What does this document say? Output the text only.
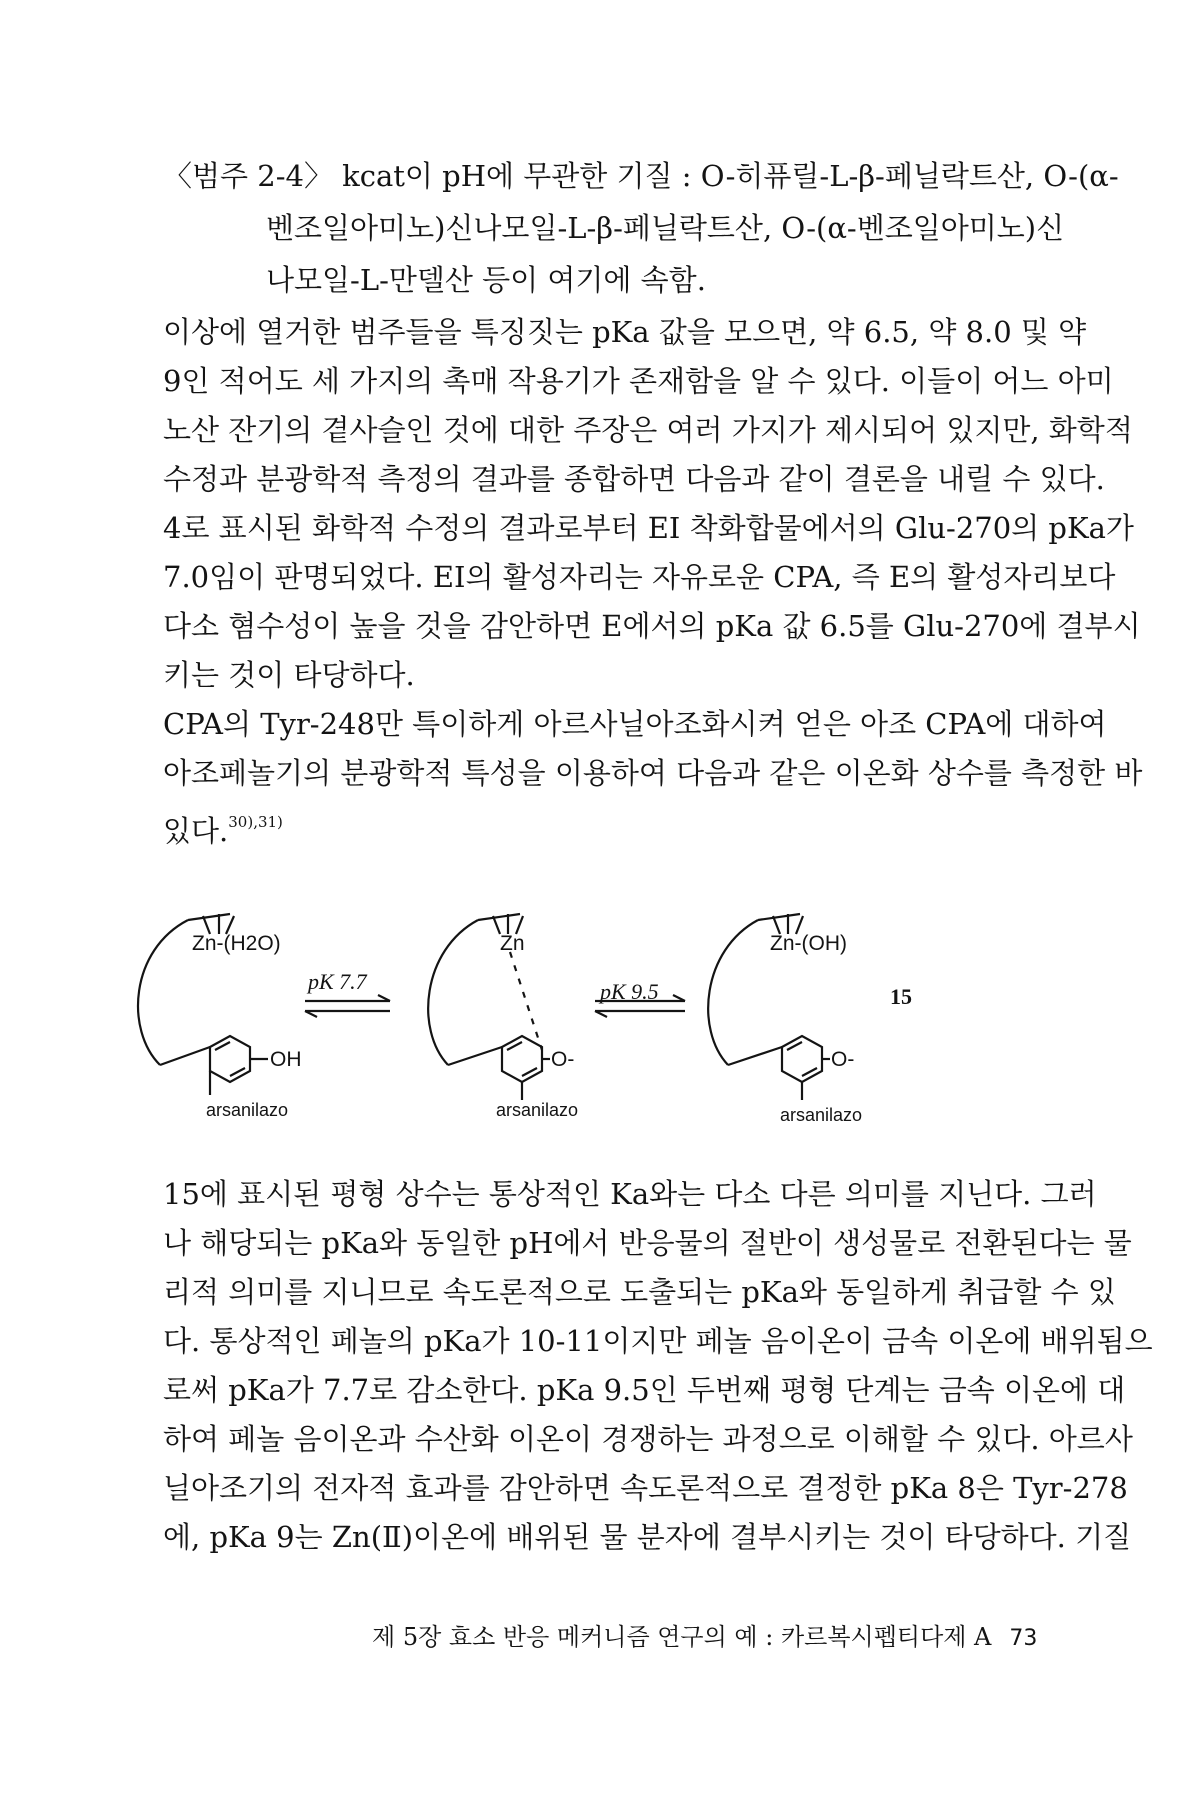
〈범주 2-4〉 kcat이 pH에 무관한 기질 : O-히퓨릴-L-β-페닐락트산, O-(α-
벤조일아미노)신나모일-L-β-페닐락트산, O-(α-벤조일아미노)신
나모일-L-만델산 등이 여기에 속함.
이상에 열거한 범주들을 특징짓는 pKa 값을 모으면, 약 6.5, 약 8.0 및 약
9인 적어도 세 가지의 촉매 작용기가 존재함을 알 수 있다. 이들이 어느 아미
노산 잔기의 곁사슬인 것에 대한 주장은 여러 가지가 제시되어 있지만, 화학적
수정과 분광학적 측정의 결과를 종합하면 다음과 같이 결론을 내릴 수 있다.
4로 표시된 화학적 수정의 결과로부터 EI 착화합물에서의 Glu-270의 pKa가
7.0임이 판명되었다. EI의 활성자리는 자유로운 CPA, 즉 E의 활성자리보다
다소 혐수성이 높을 것을 감안하면 E에서의 pKa 값 6.5를 Glu-270에 결부시
키는 것이 타당하다.
CPA의 Tyr-248만 특이하게 아르사닐아조화시켜 얻은 아조 CPA에 대하여
아조페놀기의 분광학적 특성을 이용하여 다음과 같은 이온화 상수를 측정한 바
있다.$^{30),31)}$
Zn-(H2O)
OH
arsanilazo
Zn
O-
arsanilazo
Zn-(OH)
O-
arsanilazo
pK 7.7	pK 9.5	15
15에 표시된 평형 상수는 통상적인 Ka와는 다소 다른 의미를 지닌다. 그러
나 해당되는 pKa와 동일한 pH에서 반응물의 절반이 생성물로 전환된다는 물
리적 의미를 지니므로 속도론적으로 도출되는 pKa와 동일하게 취급할 수 있
다. 통상적인 페놀의 pKa가 10-11이지만 페놀 음이온이 금속 이온에 배위됨으
로써 pKa가 7.7로 감소한다. pKa 9.5인 두번째 평형 단계는 금속 이온에 대
하여 페놀 음이온과 수산화 이온이 경쟁하는 과정으로 이해할 수 있다. 아르사
닐아조기의 전자적 효과를 감안하면 속도론적으로 결정한 pKa 8은 Tyr-278
에, pKa 9는 Zn(Ⅱ)이온에 배위된 물 분자에 결부시키는 것이 타당하다. 기질
제 5장 효소 반응 메커니즘 연구의 예 : 카르복시펩티다제 A 73
